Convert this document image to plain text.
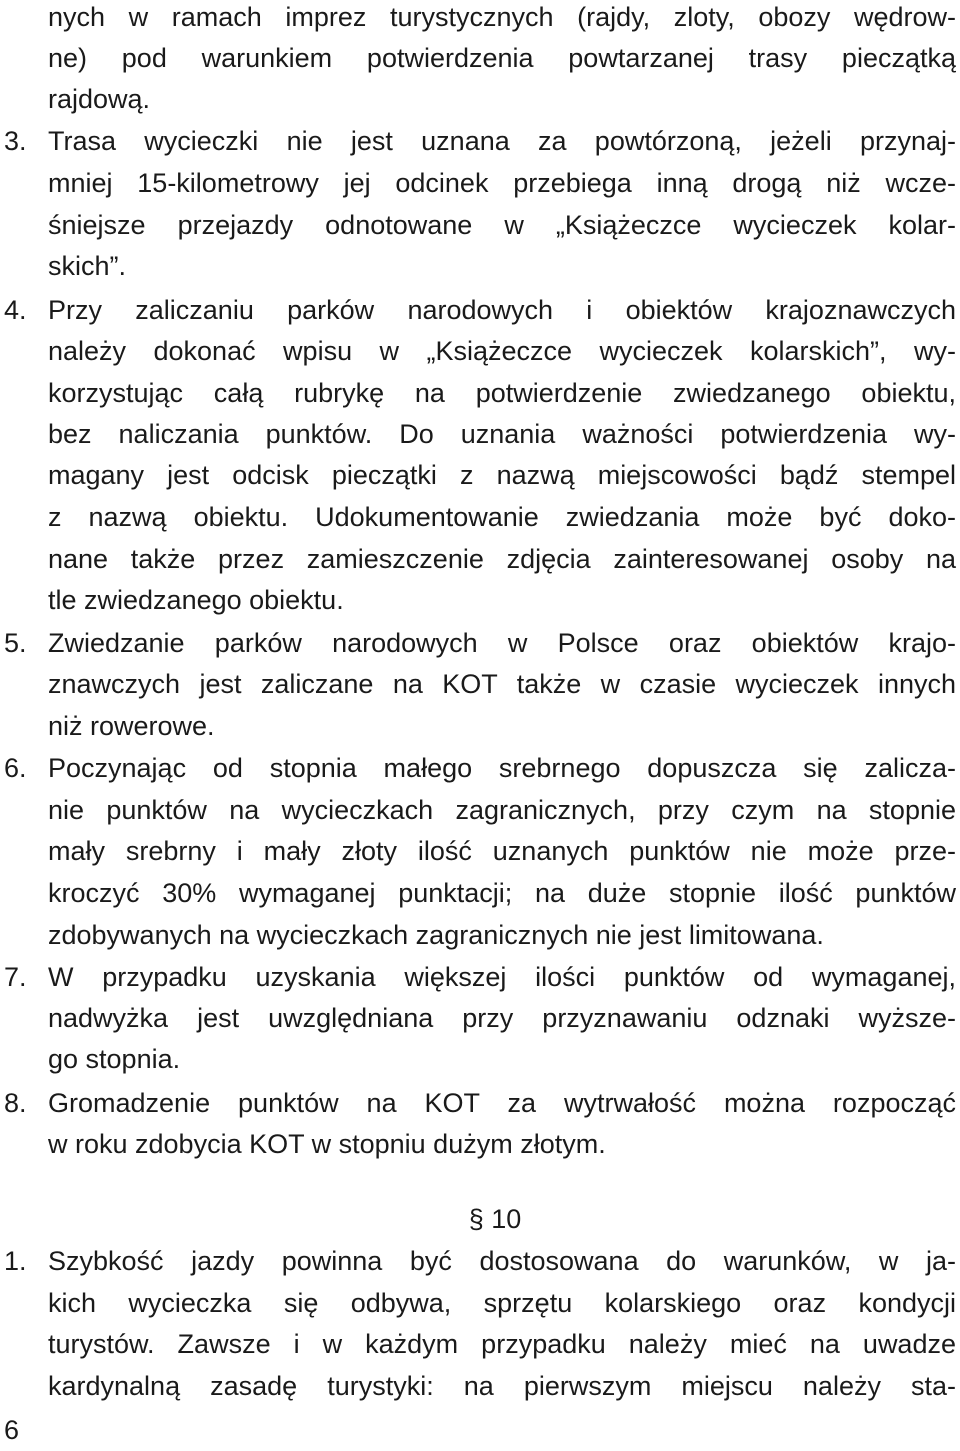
nych w ramach imprez turystycznych (rajdy, zloty, obozy wędrow-
ne) pod warunkiem potwierdzenia powtarzanej trasy pieczątką
rajdową.
3. Trasa wycieczki nie jest uznana za powtórzoną, jeżeli przynaj-
mniej 15-kilometrowy jej odcinek przebiega inną drogą niż wcze-
śniejsze przejazdy odnotowane w „Książeczce wycieczek kolar-
skich”.
4. Przy zaliczaniu parków narodowych i obiektów krajoznawczych
należy dokonać wpisu w „Książeczce wycieczek kolarskich”, wy-
korzystując całą rubrykę na potwierdzenie zwiedzanego obiektu,
bez naliczania punktów. Do uznania ważności potwierdzenia wy-
magany jest odcisk pieczątki z nazwą miejscowości bądź stempel
z nazwą obiektu. Udokumentowanie zwiedzania może być doko-
nane także przez zamieszczenie zdjęcia zainteresowanej osoby na
tle zwiedzanego obiektu.
5. Zwiedzanie parków narodowych w Polsce oraz obiektów krajo-
znawczych jest zaliczane na KOT także w czasie wycieczek innych
niż rowerowe.
6. Poczynając od stopnia małego srebrnego dopuszcza się zalicza-
nie punktów na wycieczkach zagranicznych, przy czym na stopnie
mały srebrny i mały złoty ilość uznanych punktów nie może prze-
kroczyć 30% wymaganej punktacji; na duże stopnie ilość punktów
zdobywanych na wycieczkach zagranicznych nie jest limitowana.
7. W przypadku uzyskania większej ilości punktów od wymaganej,
nadwyżka jest uwzględniana przy przyznawaniu odznaki wyższe-
go stopnia.
8. Gromadzenie punktów na KOT za wytrwałość można rozpocząć
w roku zdobycia KOT w stopniu dużym złotym.
§ 10
1. Szybkość jazdy powinna być dostosowana do warunków, w ja-
kich wycieczka się odbywa, sprzętu kolarskiego oraz kondycji
turystów. Zawsze i w każdym przypadku należy mieć na uwadze
kardynalną zasadę turystyki: na pierwszym miejscu należy sta-
6
